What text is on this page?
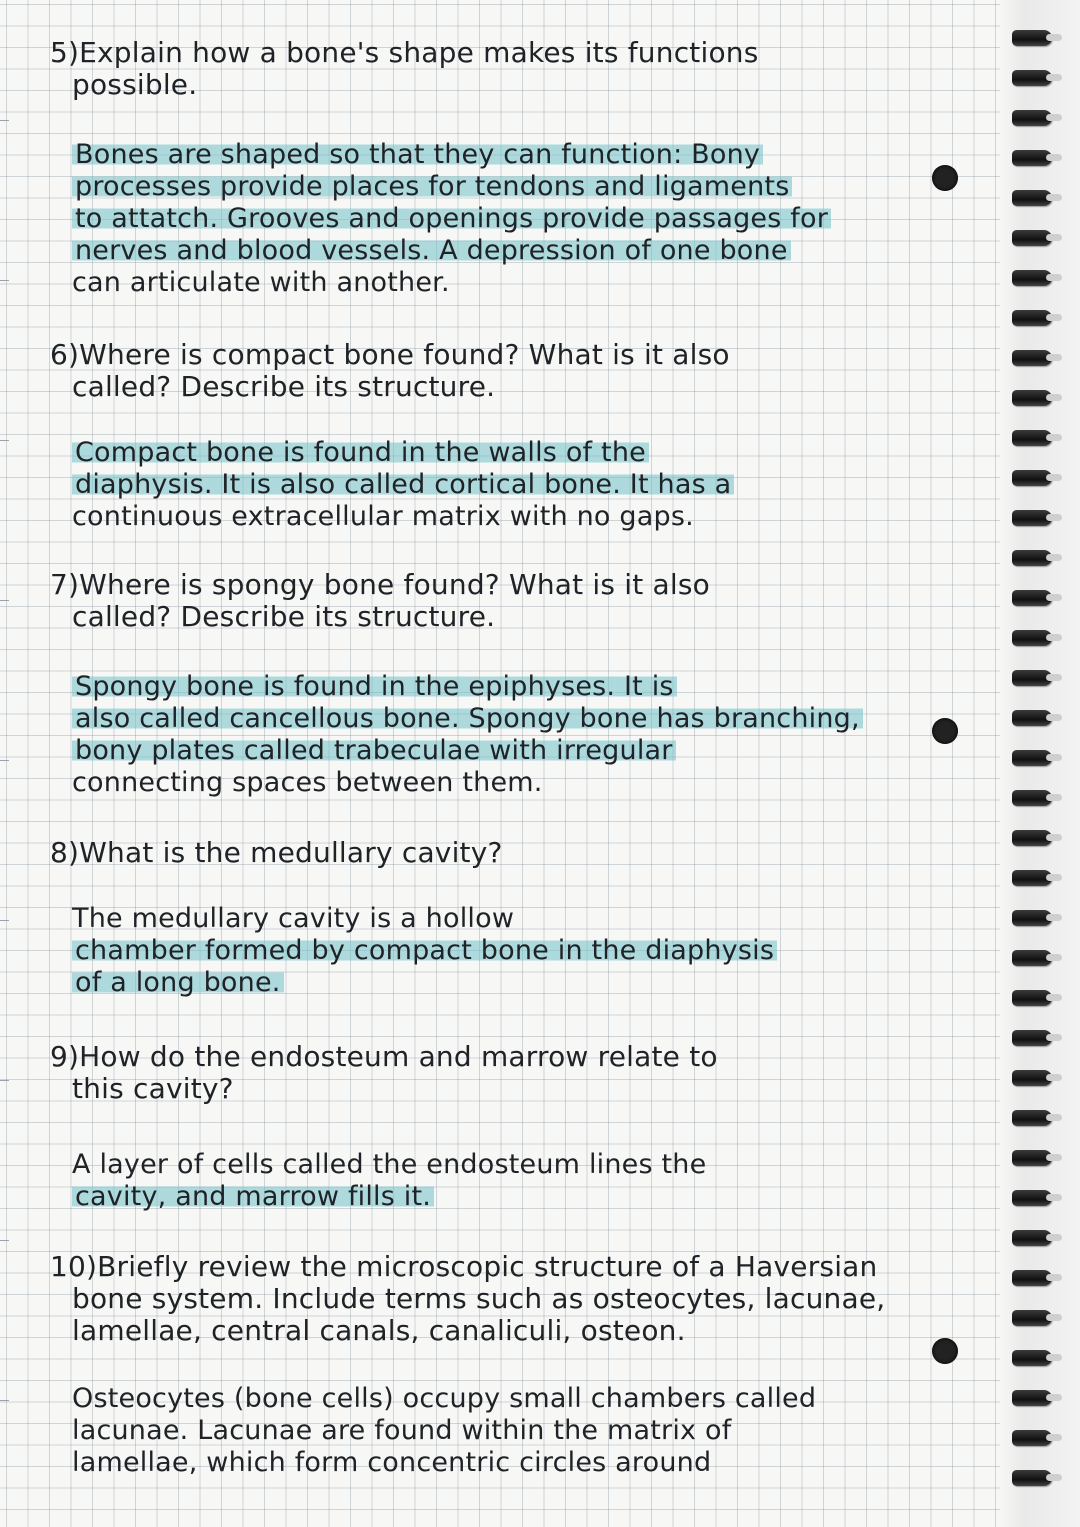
5)Explain how a bone's shape makes its functions
possible.
Bones are shaped so that they can function: Bony
processes provide places for tendons and ligaments
to attatch. Grooves and openings provide passages for
nerves and blood vessels. A depression of one bone
can articulate with another.
6)Where is compact bone found? What is it also
called? Describe its structure.
Compact bone is found in the walls of the
diaphysis. It is also called cortical bone. It has a
continuous extracellular matrix with no gaps.
7)Where is spongy bone found? What is it also
called? Describe its structure.
Spongy bone is found in the epiphyses. It is
also called cancellous bone. Spongy bone has branching,
bony plates called trabeculae with irregular
connecting spaces between them.
8)What is the medullary cavity?
The medullary cavity is a hollow
chamber formed by compact bone in the diaphysis
of a long bone.
9)How do the endosteum and marrow relate to
this cavity?
A layer of cells called the endosteum lines the
cavity, and marrow fills it.
10)Briefly review the microscopic structure of a Haversian
bone system. Include terms such as osteocytes, lacunae,
lamellae, central canals, canaliculi, osteon.
Osteocytes (bone cells) occupy small chambers called
lacunae. Lacunae are found within the matrix of
lamellae, which form concentric circles around
